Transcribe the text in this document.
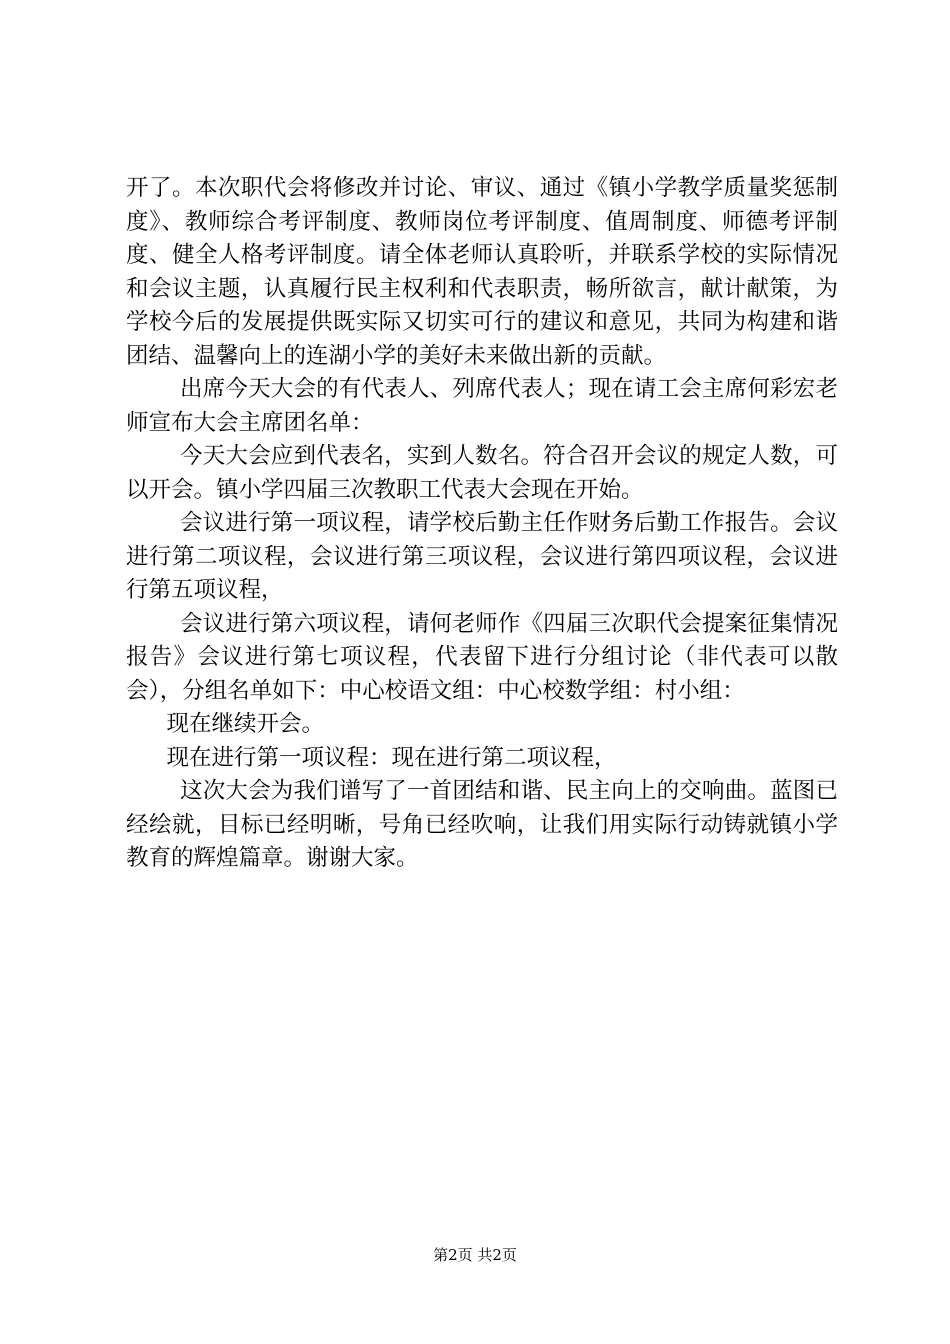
开了。本次职代会将修改并讨论、审议、通过《镇小学教学质量奖惩制度》、教师综合考评制度、教师岗位考评制度、值周制度、师德考评制度、健全人格考评制度。请全体老师认真聆听，并联系学校的实际情况和会议主题，认真履行民主权利和代表职责，畅所欲言，献计献策，为学校今后的发展提供既实际又切实可行的建议和意见，共同为构建和谐团结、温馨向上的连湖小学的美好未来做出新的贡献。

出席今天大会的有代表人、列席代表人；现在请工会主席何彩宏老师宣布大会主席团名单：

今天大会应到代表名，实到人数名。符合召开会议的规定人数，可以开会。镇小学四届三次教职工代表大会现在开始。

会议进行第一项议程，请学校后勤主任作财务后勤工作报告。会议进行第二项议程，会议进行第三项议程，会议进行第四项议程，会议进行第五项议程，

会议进行第六项议程，请何老师作《四届三次职代会提案征集情况报告》会议进行第七项议程，代表留下进行分组讨论（非代表可以散会），分组名单如下：中心校语文组：中心校数学组：村小组：

现在继续开会。

现在进行第一项议程：现在进行第二项议程，

这次大会为我们谱写了一首团结和谐、民主向上的交响曲。蓝图已经绘就，目标已经明晰，号角已经吹响，让我们用实际行动铸就镇小学教育的辉煌篇章。谢谢大家。

第2页 共2页
